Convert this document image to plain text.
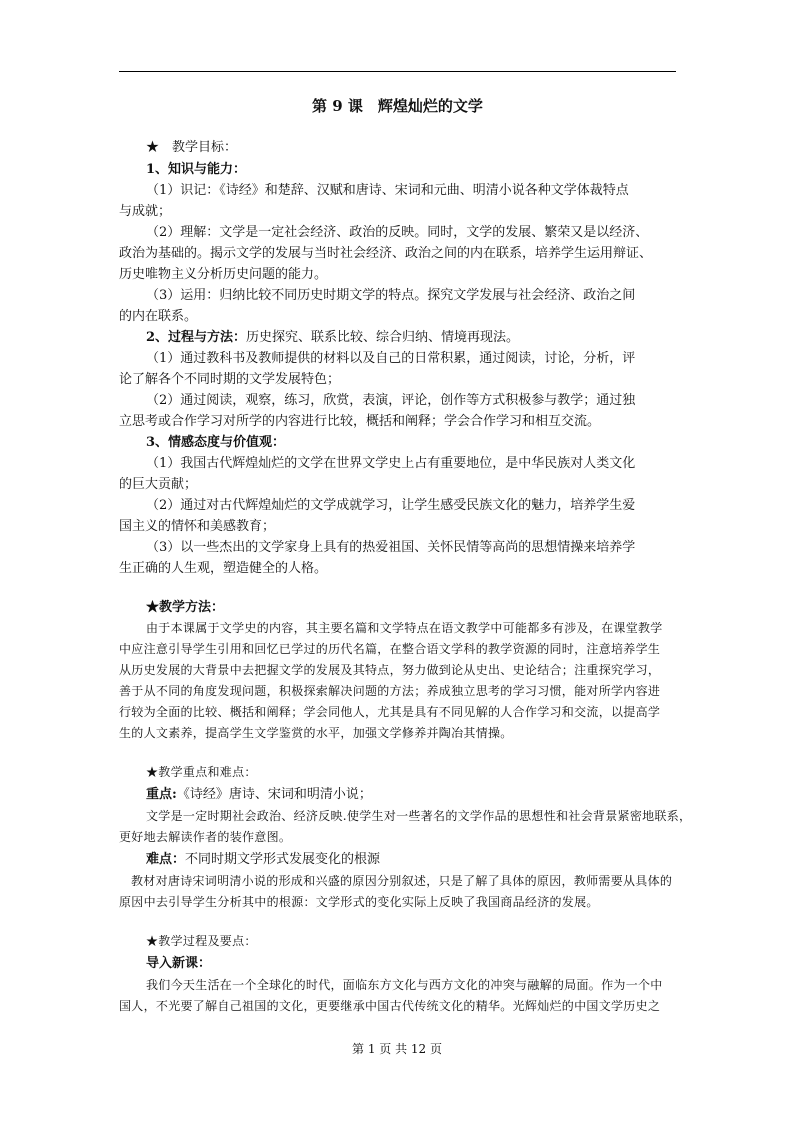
第 9 课　辉煌灿烂的文学
★　教学目标：
1、知识与能力：
（1）识记：《诗经》和楚辞、汉赋和唐诗、宋词和元曲、明清小说各种文学体裁特点
与成就；
（2）理解：文学是一定社会经济、政治的反映。同时，文学的发展、繁荣又是以经济、
政治为基础的。揭示文学的发展与当时社会经济、政治之间的内在联系，培养学生运用辩证、
历史唯物主义分析历史问题的能力。
（3）运用：归纳比较不同历史时期文学的特点。探究文学发展与社会经济、政治之间
的内在联系。
2、过程与方法：历史探究、联系比较、综合归纳、情境再现法。
（1）通过教科书及教师提供的材料以及自己的日常积累，通过阅读，讨论，分析，评
论了解各个不同时期的文学发展特色；
（2）通过阅读，观察，练习，欣赏，表演，评论，创作等方式积极参与教学；通过独
立思考或合作学习对所学的内容进行比较，概括和阐释；学会合作学习和相互交流。
3、情感态度与价值观：
（1）我国古代辉煌灿烂的文学在世界文学史上占有重要地位，是中华民族对人类文化
的巨大贡献；
（2）通过对古代辉煌灿烂的文学成就学习，让学生感受民族文化的魅力，培养学生爱
国主义的情怀和美感教育；
（3）以一些杰出的文学家身上具有的热爱祖国、关怀民情等高尚的思想情操来培养学
生正确的人生观，塑造健全的人格。
★教学方法：
由于本课属于文学史的内容，其主要名篇和文学特点在语文教学中可能都多有涉及，在课堂教学
中应注意引导学生引用和回忆已学过的历代名篇，在整合语文学科的教学资源的同时，注意培养学生
从历史发展的大背景中去把握文学的发展及其特点，努力做到论从史出、史论结合；注重探究学习，
善于从不同的角度发现问题，积极探索解决问题的方法；养成独立思考的学习习惯，能对所学内容进
行较为全面的比较、概括和阐释；学会同他人，尤其是具有不同见解的人合作学习和交流，以提高学
生的人文素养，提高学生文学鉴赏的水平，加强文学修养并陶冶其情操。
★教学重点和难点：
重点:《诗经》唐诗、宋词和明清小说；
文学是一定时期社会政治、经济反映.使学生对一些著名的文学作品的思想性和社会背景紧密地联系，
更好地去解读作者的装作意图。
难点：不同时期文学形式发展变化的根源
教材对唐诗宋词明清小说的形成和兴盛的原因分别叙述，只是了解了具体的原因，教师需要从具体的
原因中去引导学生分析其中的根源：文学形式的变化实际上反映了我国商品经济的发展。
★教学过程及要点：
导入新课：
我们今天生活在一个全球化的时代，面临东方文化与西方文化的冲突与融解的局面。作为一个中
国人，不光要了解自己祖国的文化，更要继承中国古代传统文化的精华。光辉灿烂的中国文学历史之
第 1 页 共 12 页
